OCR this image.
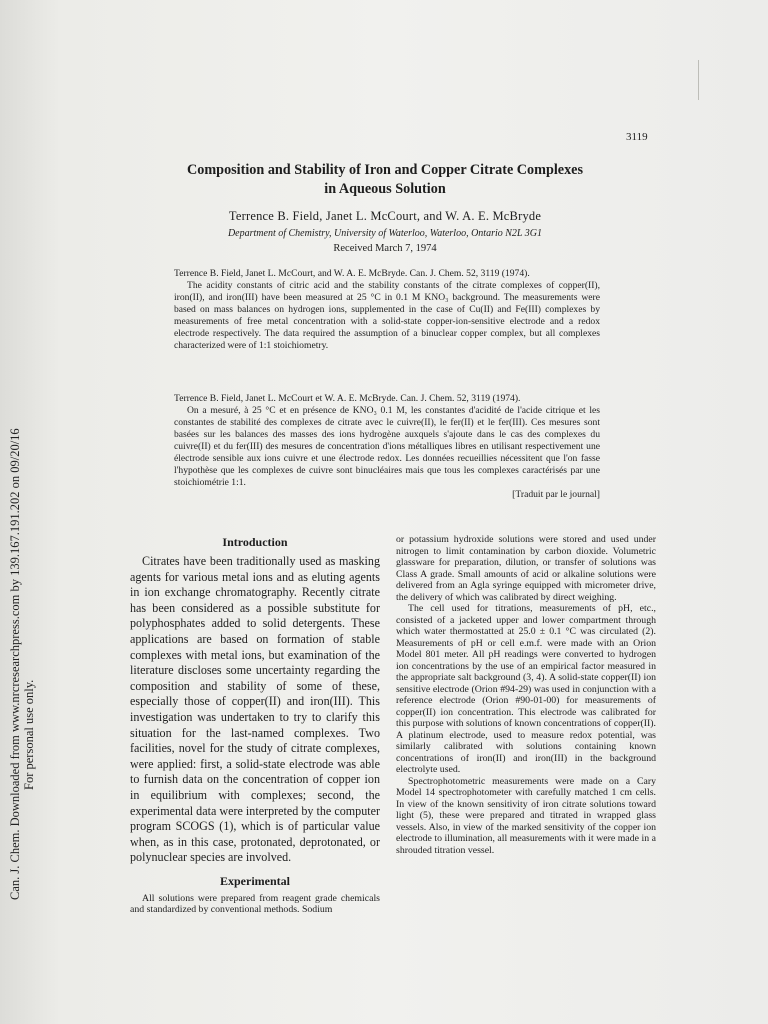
Can. J. Chem. Downloaded from www.nrcresearchpress.com by 139.167.191.202 on 09/20/16 For personal use only.
3119
Composition and Stability of Iron and Copper Citrate Complexes
in Aqueous Solution
Terrence B. Field, Janet L. McCourt, and W. A. E. McBryde
Department of Chemistry, University of Waterloo, Waterloo, Ontario N2L 3G1
Received March 7, 1974

Terrence B. Field, Janet L. McCourt, and W. A. E. McBryde. Can. J. Chem. 52, 3119 (1974).

The acidity constants of citric acid and the stability constants of the citrate complexes of copper(II), iron(II), and iron(III) have been measured at 25 °C in 0.1 M KNO₃ background. The measurements were based on mass balances on hydrogen ions, supplemented in the case of Cu(II) and Fe(III) complexes by measurements of free metal concentration with a solid-state copper-ion-sensitive electrode and a redox electrode respectively. The data required the assumption of a binuclear copper complex, but all complexes characterized were of 1:1 stoichiometry.

Terrence B. Field, Janet L. McCourt et W. A. E. McBryde. Can. J. Chem. 52, 3119 (1974).

On a mesuré, à 25 °C et en présence de KNO₃ 0.1 M, les constantes d'acidité de l'acide citrique et les constantes de stabilité des complexes de citrate avec le cuivre(II), le fer(II) et le fer(III). Ces mesures sont basées sur les balances des masses des ions hydrogène auxquels s'ajoute dans le cas des complexes du cuivre(II) et du fer(III) des mesures de concentration d'ions métalliques libres en utilisant respectivement une électrode sensible aux ions cuivre et une électrode redox. Les données recueillies nécessitent que l'on fasse l'hypothèse que les complexes de cuivre sont binucléaires mais que tous les complexes caractérisés par une stoichiométrie 1:1.

[Traduit par le journal]

Introduction

Citrates have been traditionally used as masking agents for various metal ions and as eluting agents in ion exchange chromatography. Recently citrate has been considered as a possible substitute for polyphosphates added to solid detergents. These applications are based on formation of stable complexes with metal ions, but examination of the literature discloses some uncertainty regarding the composition and stability of some of these, especially those of copper(II) and iron(III). This investigation was undertaken to try to clarify this situation for the last-named complexes. Two facilities, novel for the study of citrate complexes, were applied: first, a solid-state electrode was able to furnish data on the concentration of copper ion in equilibrium with complexes; second, the experimental data were interpreted by the computer program SCOGS (1), which is of particular value when, as in this case, protonated, deprotonated, or polynuclear species are involved.

Experimental

All solutions were prepared from reagent grade chemicals and standardized by conventional methods. Sodium

or potassium hydroxide solutions were stored and used under nitrogen to limit contamination by carbon dioxide. Volumetric glassware for preparation, dilution, or transfer of solutions was Class A grade. Small amounts of acid or alkaline solutions were delivered from an Agla syringe equipped with micrometer drive, the delivery of which was calibrated by direct weighing.

The cell used for titrations, measurements of pH, etc., consisted of a jacketed upper and lower compartment through which water thermostatted at 25.0 ± 0.1 °C was circulated (2). Measurements of pH or cell e.m.f. were made with an Orion Model 801 meter. All pH readings were converted to hydrogen ion concentrations by the use of an empirical factor measured in the appropriate salt background (3, 4). A solid-state copper(II) ion sensitive electrode (Orion #94-29) was used in conjunction with a reference electrode (Orion #90-01-00) for measurements of copper(II) ion concentration. This electrode was calibrated for this purpose with solutions of known concentrations of copper(II). A platinum electrode, used to measure redox potential, was similarly calibrated with solutions containing known concentrations of iron(II) and iron(III) in the background electrolyte used.

Spectrophotometric measurements were made on a Cary Model 14 spectrophotometer with carefully matched 1 cm cells. In view of the known sensitivity of iron citrate solutions toward light (5), these were prepared and titrated in wrapped glass vessels. Also, in view of the marked sensitivity of the copper ion electrode to illumination, all measurements with it were made in a shrouded titration vessel.
